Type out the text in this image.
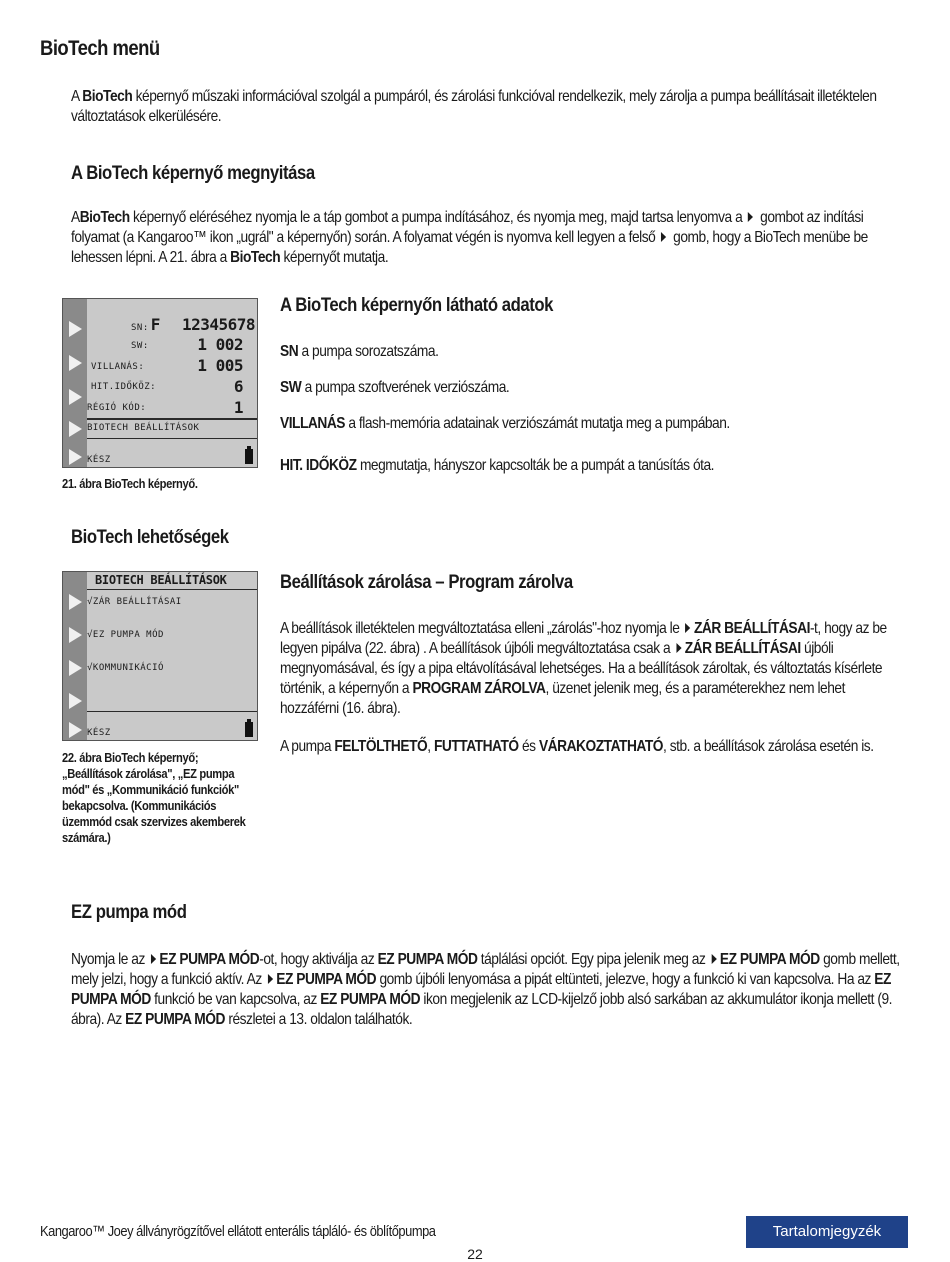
BioTech menü

A BioTech képernyő műszaki információval szolgál a pumpáról, és zárolási funkcióval rendelkezik, mely zárolja a pumpa beállításait illetéktelen változtatások elkerülésére.

A BioTech képernyő megnyitása

ABioTech képernyő eléréséhez nyomja le a táp gombot a pumpa indításához, és nyomja meg, majd tartsa lenyomva a  gombot az indítási folyamat (a Kangaroo™ ikon „ugrál" a képernyőn) során. A folyamat végén is nyomva kell legyen a felső  gomb, hogy a BioTech menübe be lehessen lépni. A 21. ábra a BioTech képernyőt mutatja.

SN: F 12345678
SW:	1 002
VILLANÁS:	1 005
HIT.IDŐKÖZ:	6
RÉGIÓ KÓD:	1
BIOTECH BEÁLLÍTÁSOK
KÉSZ

21. ábra BioTech képernyő.

A BioTech képernyőn látható adatok

SN a pumpa sorozatszáma.

SW a pumpa szoftverének verziószáma.

VILLANÁS a flash-memória adatainak verziószámát mutatja meg a pumpában.

HIT. IDŐKÖZ megmutatja, hányszor kapcsolták be a pumpát a tanúsítás óta.

BioTech lehetőségek
BIOTECH BEÁLLÍTÁSOK
√ZÁR BEÁLLÍTÁSAI
√EZ PUMPA MÓD
√KOMMUNIKÁCIÓ
KÉSZ

22. ábra BioTech képernyő; „Beállítások zárolása", „EZ pumpa mód" és „Kommunikáció funkciók" bekapcsolva. (Kommunikációs üzemmód csak szervizes akemberek számára.)

Beállítások zárolása – Program zárolva

A beállítások illetéktelen megváltoztatása elleni „zárolás"-hoz nyomja le ZÁR BEÁLLÍTÁSAI-t, hogy az be legyen pipálva (22. ábra) . A beállítások újbóli megváltoztatása csak a ZÁR BEÁLLÍTÁSAI újbóli megnyomásával, és így a pipa eltávolításával lehetséges. Ha a beállítások zároltak, és változtatás kísérlete történik, a képernyőn a PROGRAM ZÁROLVA, üzenet jelenik meg, és a paraméterekhez nem lehet hozzáférni (16. ábra).

A pumpa FELTÖLTHETŐ, FUTTATHATÓ és VÁRAKOZTATHATÓ, stb. a beállítások zárolása esetén is.

EZ pumpa mód

Nyomja le az EZ PUMPA MÓD-ot, hogy aktiválja az EZ PUMPA MÓD táplálási opciót. Egy pipa jelenik meg az EZ PUMPA MÓD gomb mellett, mely jelzi, hogy a funkció aktív. Az EZ PUMPA MÓD gomb újbóli lenyomása a pipát eltünteti, jelezve, hogy a funkció ki van kapcsolva. Ha az EZ PUMPA MÓD funkció be van kapcsolva, az EZ PUMPA MÓD ikon megjelenik az LCD-kijelző jobb alsó sarkában az akkumulátor ikonja mellett (9. ábra). Az EZ PUMPA MÓD részletei a 13. oldalon találhatók.

Kangaroo™ Joey állványrögzítővel ellátott enterális tápláló- és öblítőpumpa

22
Tartalomjegyzék
